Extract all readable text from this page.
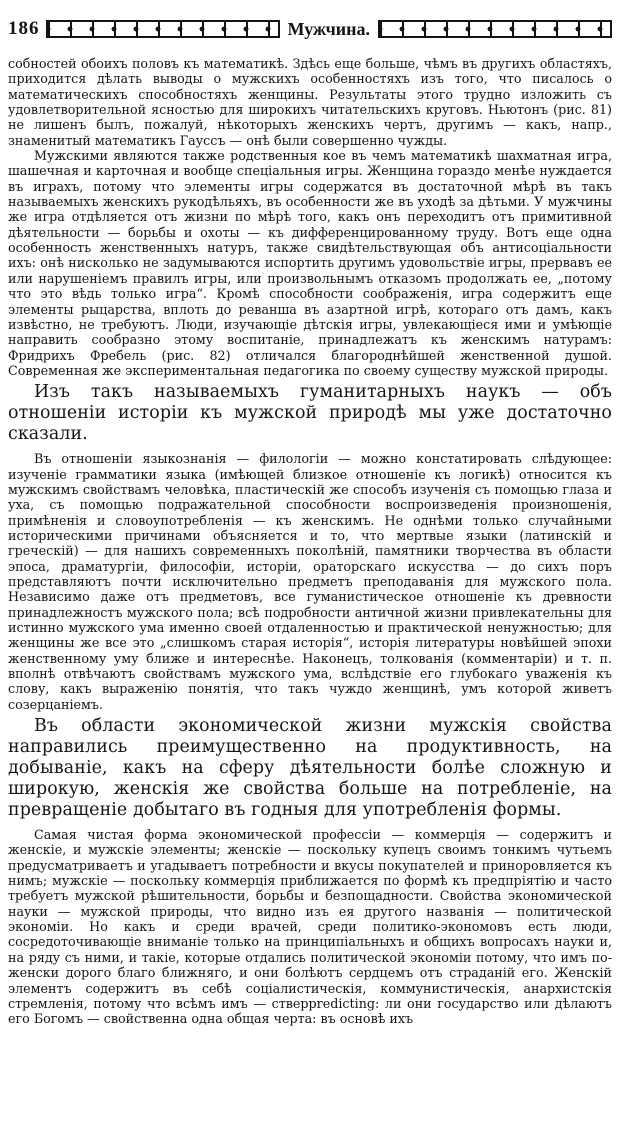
186	Мужчина.

собностей обоихъ половъ къ математикѣ. Здѣсь еще больше, чѣмъ въ другихъ областяхъ, приходится дѣлать выводы о мужскихъ особенностяхъ изъ того, что писалось о математическихъ способностяхъ женщины. Результаты этого трудно изложить съ удовлетворительной ясностью для широкихъ читательскихъ круговъ. Ньютонъ (рис. 81) не лишенъ былъ, пожалуй, нѣкоторыхъ женскихъ чертъ, другимъ — какъ, напр., знаменитый математикъ Гауссъ — онѣ были совершенно чужды.

Мужскими являются также родственныя кое въ чемъ математикѣ шахматная игра, шашечная и карточная и вообще спеціальныя игры. Женщина гораздо менѣе нуждается въ играхъ, потому что элементы игры содержатся въ достаточной мѣрѣ въ такъ называемыхъ женскихъ рукодѣльяхъ, въ особенности же въ уходѣ за дѣтьми. У мужчины же игра отдѣляется отъ жизни по мѣрѣ того, какъ онъ переходитъ отъ примитивной дѣятельности — борьбы и охоты — къ дифференцированному труду. Вотъ еще одна особенность женственныхъ натуръ, также свидѣтельствующая объ антисоціальности ихъ: онѣ нисколько не задумываются испортить другимъ удовольствіе игры, прервавъ ее или нарушеніемъ правилъ игры, или произвольнымъ отказомъ продолжать ее, „потому что это вѣдь только игра“. Кромѣ способности соображенія, игра содержитъ еще элементы рыцарства, вплоть до реванша въ азартной игрѣ, котораго отъ дамъ, какъ извѣстно, не требуютъ. Люди, изучающіе дѣтскія игры, увлекающіеся ими и умѣющіе направить сообразно этому воспитаніе, принадлежатъ къ женскимъ натурамъ: Фридрихъ Фребель (рис. 82) отличался благороднѣйшей женственной душой. Современная же экспериментальная педагогика по своему существу мужской природы.

Изъ такъ называемыхъ гуманитарныхъ наукъ — объ отношеніи исторіи къ мужской природѣ мы уже достаточно сказали.

Въ отношеніи языкознанія — филологіи — можно констатировать слѣдующее: изученіе грамматики языка (имѣющей близкое отношеніе къ логикѣ) относится къ мужскимъ свойствамъ человѣка, пластическій же способъ изученія съ помощью глаза и уха, съ помощью подражательной способности воспроизведенія произношенія, примѣненія и словоупотребленія — къ женскимъ. Не однѣми только случайными историческими причинами объясняется и то, что мертвые языки (латинскій и греческій) — для нашихъ современныхъ поколѣній, памятники творчества въ области эпоса, драматургіи, философіи, исторіи, ораторскаго искусства — до сихъ поръ представляютъ почти исключительно предметъ преподаванія для мужского пола. Независимо даже отъ предметовъ, все гуманистическое отношеніе къ древности принадлежностъ мужского пола; всѣ подробности античной жизни привлекательны для истинно мужского ума именно своей отдаленностью и практической ненужностью; для женщины же все это „слишкомъ старая исторія“, исторія литературы новѣйшей эпохи женственному уму ближе и интереснѣе. Наконецъ, толкованія (комментаріи) и т. п. вполнѣ отвѣчаютъ свойствамъ мужского ума, вслѣдствіе его глубокаго уваженія къ слову, какъ выраженію понятія, что такъ чуждо женщинѣ, умъ которой живетъ созерцаніемъ.

Въ области экономической жизни мужскія свойства направились преимущественно на продуктивность, на добываніе, какъ на сферу дѣятельности болѣе сложную и широкую, женскія же свойства больше на потребленіе, на превращеніе добытаго въ годныя для употребленія формы.

Самая чистая форма экономической профессіи — коммерція — содержитъ и женскіе, и мужскіе элементы; женскіе — поскольку купецъ своимъ тонкимъ чутьемъ предусматриваетъ и угадываетъ потребности и вкусы покупателей и приноровляется къ нимъ; мужскіе — поскольку коммерція приближается по формѣ къ предпріятію и часто требуетъ мужской рѣшительности, борьбы и безпощадности. Свойства экономической науки — мужской природы, что видно изъ ея другого названія — политической экономіи. Но какъ и среди врачей, среди политико-экономовъ есть люди, сосредоточивающіе вниманіе только на принципіальныхъ и общихъ вопросахъ науки и, на ряду съ ними, и такіе, которые отдались политической экономіи потому, что имъ по-женски дорого благо ближняго, и они болѣютъ сердцемъ отъ страданій его. Женскій элементъ содержитъ въ себѣ соціалистическія, коммунистическія, анархистскія стремленія, потому что всѣмъ имъ — стверpredicting: ли они государство или дѣлаютъ его Богомъ — свойственна одна общая черта: въ основѣ ихъ
